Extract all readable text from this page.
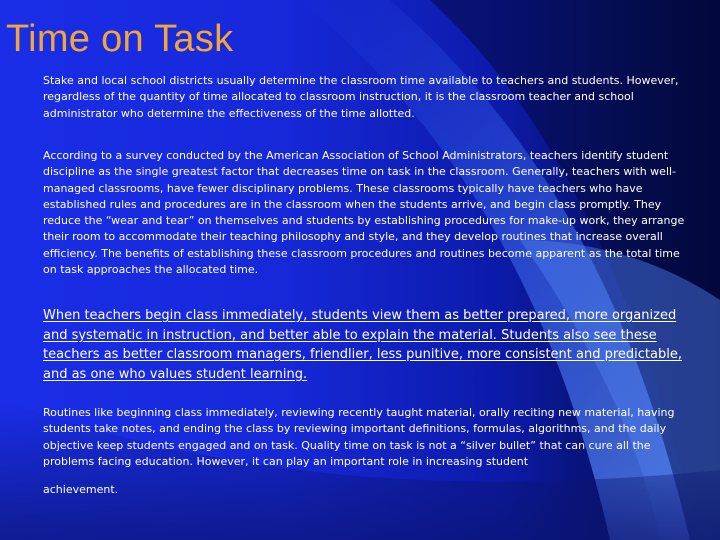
Time on Task

Stake and local school districts usually determine the classroom time available to teachers and students. However, regardless of the quantity of time allocated to classroom instruction, it is the classroom teacher and school administrator who determine the effectiveness of the time allotted.

According to a survey conducted by the American Association of School Administrators, teachers identify student discipline as the single greatest factor that decreases time on task in the classroom. Generally, teachers with well-managed classrooms, have fewer disciplinary problems. These classrooms typically have teachers who have established rules and procedures are in the classroom when the students arrive, and begin class promptly. They reduce the “wear and tear” on themselves and students by establishing procedures for make-up work, they arrange their room to accommodate their teaching philosophy and style, and they develop routines that increase overall efficiency. The benefits of establishing these classroom procedures and routines become apparent as the total time on task approaches the allocated time.

When teachers begin class immediately, students view them as better prepared, more organized and systematic in instruction, and better able to explain the material. Students also see these teachers as better classroom managers, friendlier, less punitive, more consistent and predictable, and as one who values student learning.

Routines like beginning class immediately, reviewing recently taught material, orally reciting new material, having students take notes, and ending the class by reviewing important definitions, formulas, algorithms, and the daily objective keep students engaged and on task. Quality time on task is not a “silver bullet” that can cure all the problems facing education. However, it can play an important role in increasing student

achievement.
